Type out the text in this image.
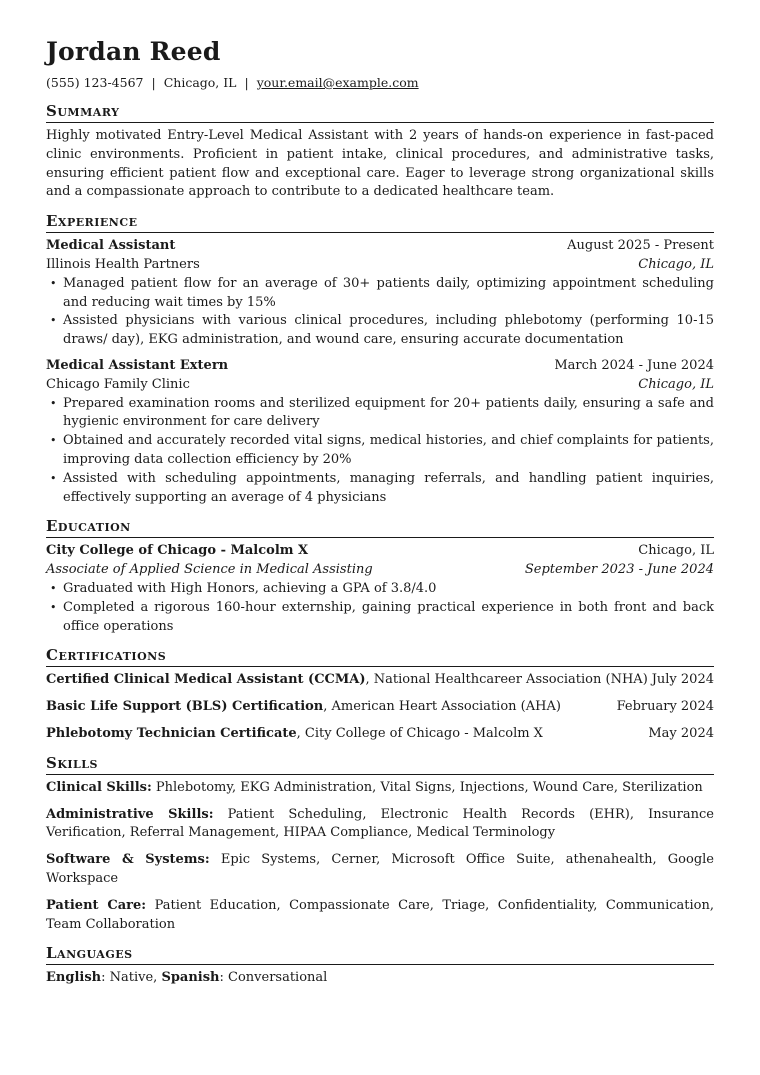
Jordan Reed
(555) 123-4567 | Chicago, IL | your.email@example.com
Summary
Highly motivated Entry-Level Medical Assistant with 2 years of hands-on experience in fast-paced clinic environments. Proficient in patient intake, clinical procedures, and administrative tasks, ensuring efficient patient flow and exceptional care. Eager to leverage strong organizational skills and a compassionate approach to contribute to a dedicated healthcare team.
Experience
Medical Assistant	August 2025 - Present
Illinois Health Partners	Chicago, IL
• Managed patient flow for an average of 30+ patients daily, optimizing appointment scheduling and reducing wait times by 15%
• Assisted physicians with various clinical procedures, including phlebotomy (performing 10-15 draws/ day), EKG administration, and wound care, ensuring accurate documentation
Medical Assistant Extern	March 2024 - June 2024
Chicago Family Clinic	Chicago, IL
• Prepared examination rooms and sterilized equipment for 20+ patients daily, ensuring a safe and hygienic environment for care delivery
• Obtained and accurately recorded vital signs, medical histories, and chief complaints for patients, improving data collection efficiency by 20%
• Assisted with scheduling appointments, managing referrals, and handling patient inquiries, effectively supporting an average of 4 physicians
Education
City College of Chicago - Malcolm X	Chicago, IL
Associate of Applied Science in Medical Assisting	September 2023 - June 2024
• Graduated with High Honors, achieving a GPA of 3.8/4.0
• Completed a rigorous 160-hour externship, gaining practical experience in both front and back office operations
Certifications
Certified Clinical Medical Assistant (CCMA), National Healthcareer Association (NHA) July 2024
Basic Life Support (BLS) Certification, American Heart Association (AHA)	February 2024
Phlebotomy Technician Certificate, City College of Chicago - Malcolm X	May 2024
Skills
Clinical Skills: Phlebotomy, EKG Administration, Vital Signs, Injections, Wound Care, Sterilization
Administrative Skills: Patient Scheduling, Electronic Health Records (EHR), Insurance Verification, Referral Management, HIPAA Compliance, Medical Terminology
Software & Systems: Epic Systems, Cerner, Microsoft Office Suite, athenahealth, Google Workspace
Patient Care: Patient Education, Compassionate Care, Triage, Confidentiality, Communication, Team Collaboration
Languages
English: Native, Spanish: Conversational
